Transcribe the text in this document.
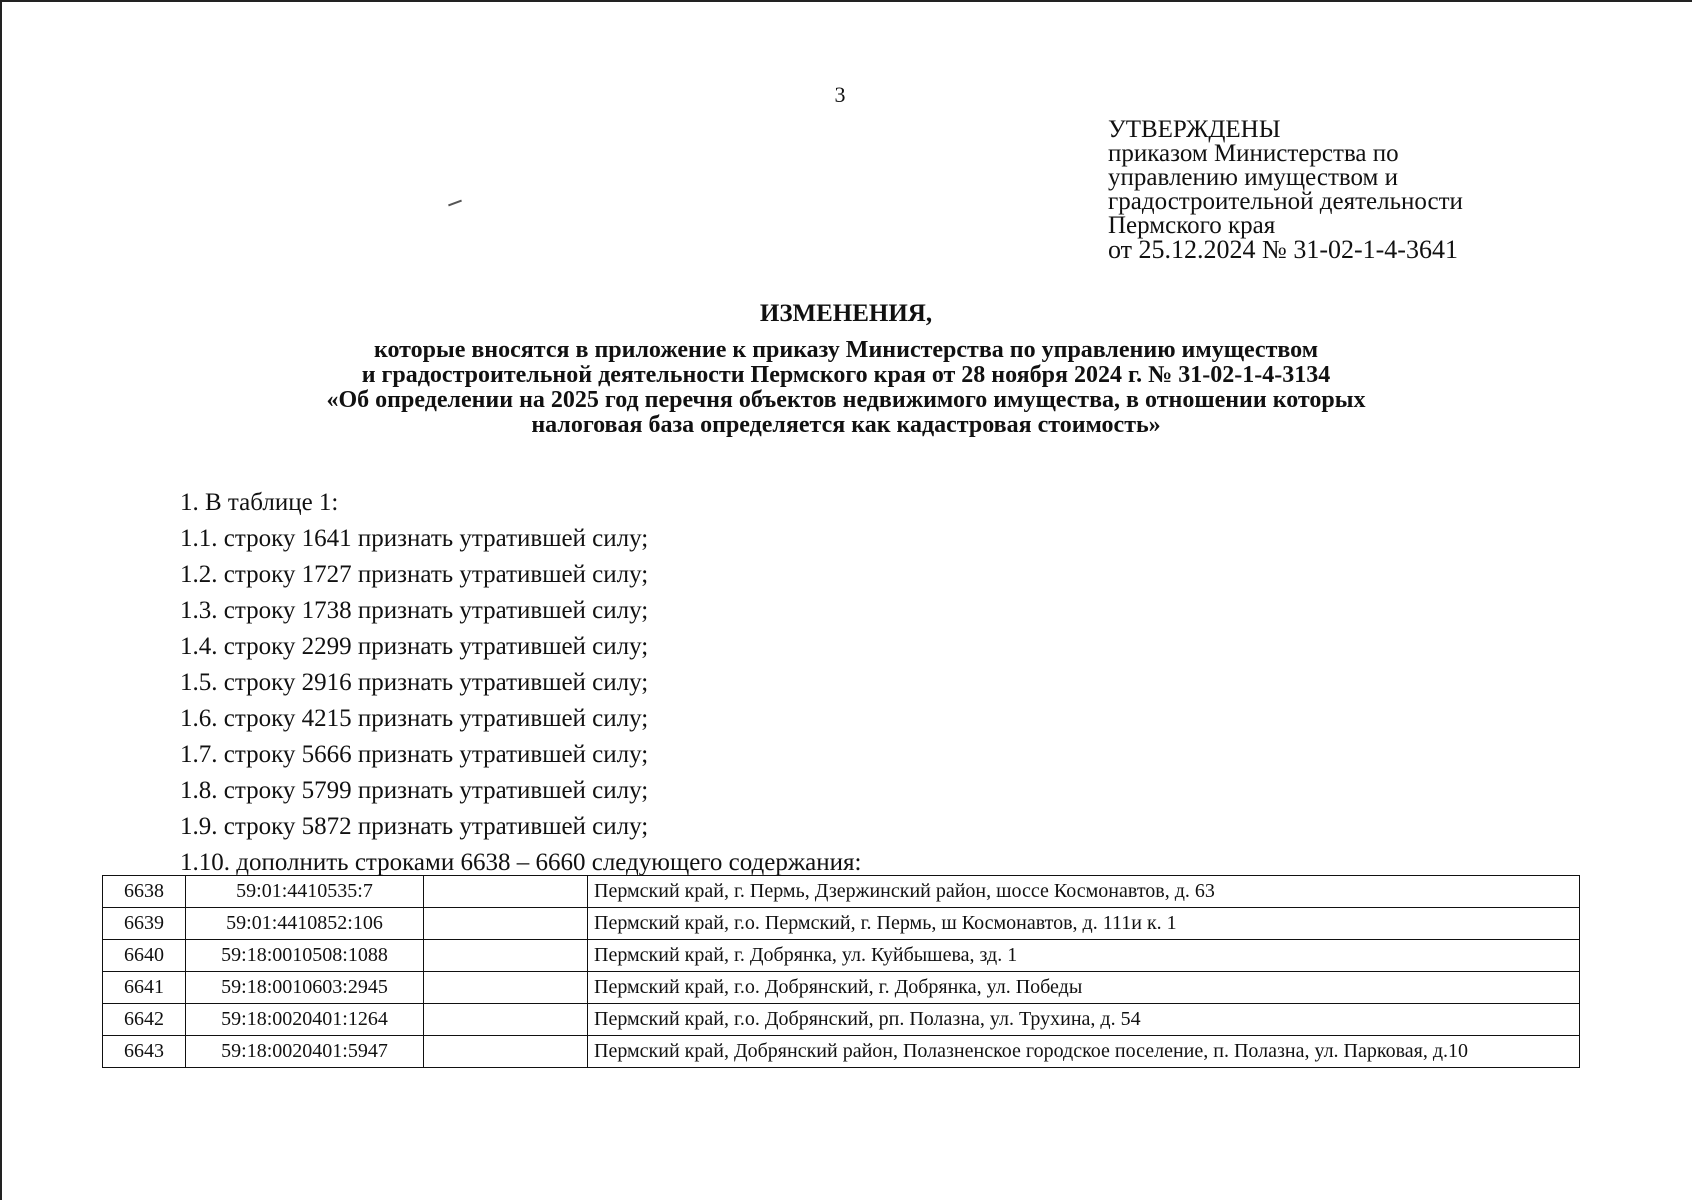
3
УТВЕРЖДЕНЫ
приказом Министерства по
управлению имуществом и
градостроительной деятельности
Пермского края
от 25.12.2024 № 31-02-1-4-3641
ИЗМЕНЕНИЯ,
которые вносятся в приложение к приказу Министерства по управлению имуществом
и градостроительной деятельности Пермского края от 28 ноября 2024 г. № 31-02-1-4-3134
«Об определении на 2025 год перечня объектов недвижимого имущества, в отношении которых
налоговая база определяется как кадастровая стоимость»
1. В таблице 1:
1.1. строку 1641 признать утратившей силу;
1.2. строку 1727 признать утратившей силу;
1.3. строку 1738 признать утратившей силу;
1.4. строку 2299 признать утратившей силу;
1.5. строку 2916 признать утратившей силу;
1.6. строку 4215 признать утратившей силу;
1.7. строку 5666 признать утратившей силу;
1.8. строку 5799 признать утратившей силу;
1.9. строку 5872 признать утратившей силу;
1.10. дополнить строками 6638 – 6660 следующего содержания:
6638	59:01:4410535:7		Пермский край, г. Пермь, Дзержинский район, шоссе Космонавтов, д. 63
6639	59:01:4410852:106		Пермский край, г.о. Пермский, г. Пермь, ш Космонавтов, д. 111и к. 1
6640	59:18:0010508:1088		Пермский край, г. Добрянка, ул. Куйбышева, зд. 1
6641	59:18:0010603:2945		Пермский край, г.о. Добрянский, г. Добрянка, ул. Победы
6642	59:18:0020401:1264		Пермский край, г.о. Добрянский, рп. Полазна, ул. Трухина, д. 54
6643	59:18:0020401:5947		Пермский край, Добрянский район, Полазненское городское поселение, п. Полазна, ул. Парковая, д.10
